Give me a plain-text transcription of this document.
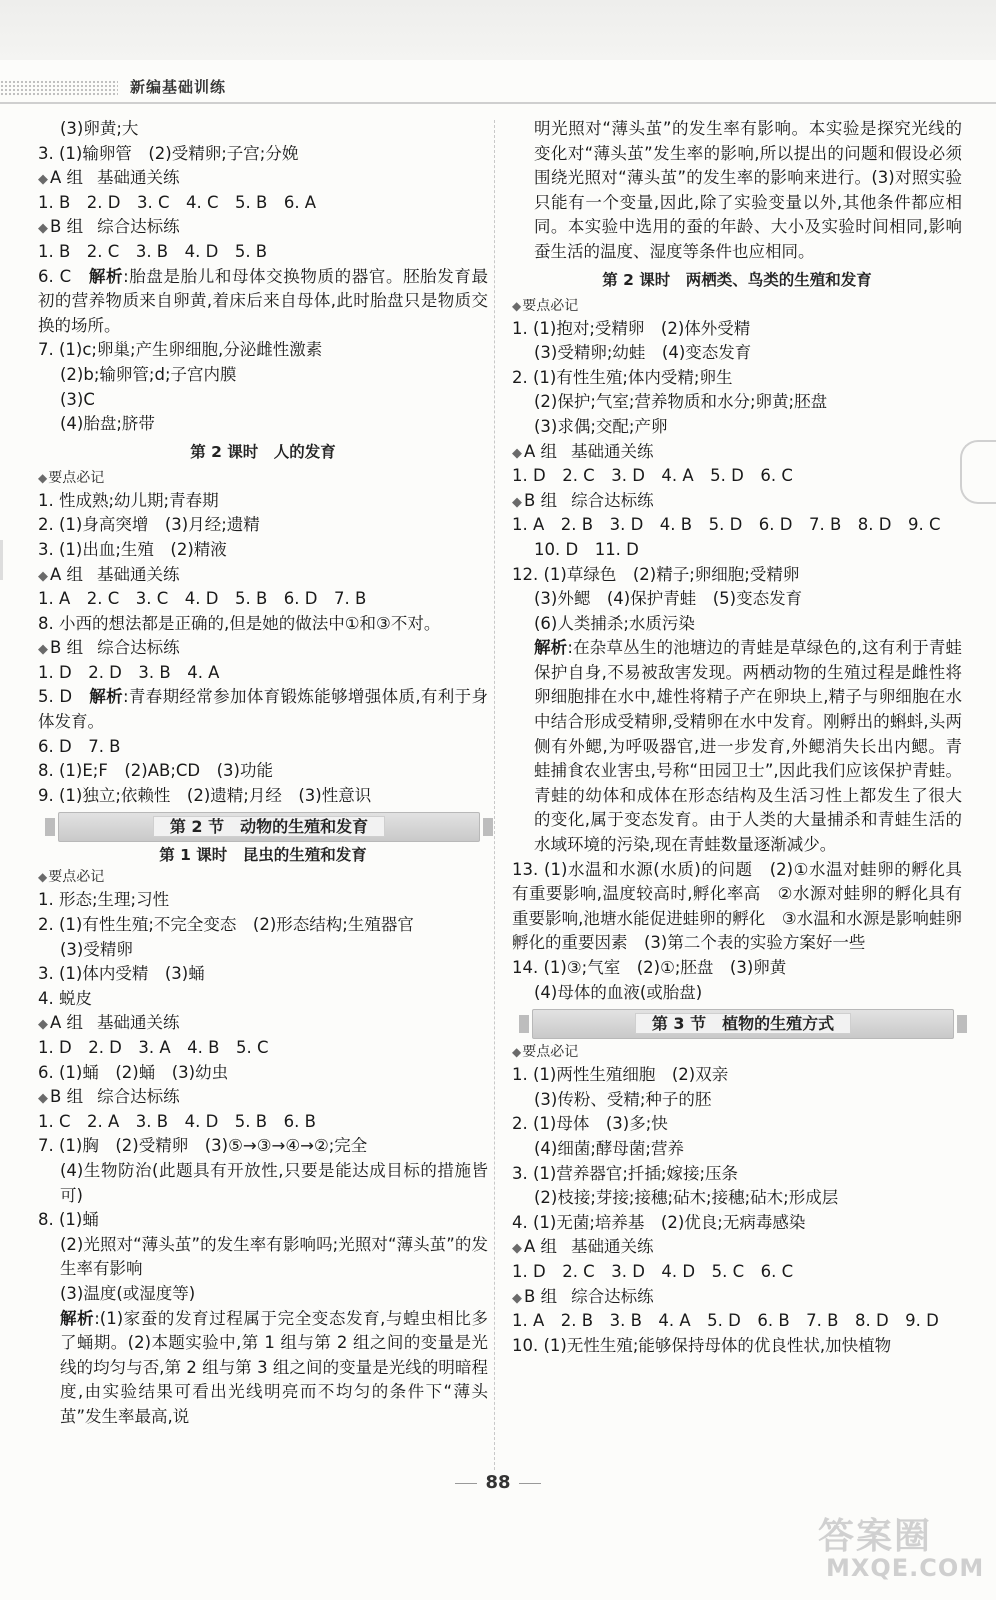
新编基础训练
(3)卵黄;大
3. (1)输卵管　(2)受精卵;子宫;分娩
◆ A 组 基础通关练
1. B　2. D　3. C　4. C　5. B　6. A
◆ B 组 综合达标练
1. B　2. C　3. B　4. D　5. B
6. C　解析:胎盘是胎儿和母体交换物质的器官。胚胎发育最初的营养物质来自卵黄,着床后来自母体,此时胎盘只是物质交换的场所。
7. (1)c;卵巢;产生卵细胞,分泌雌性激素
(2)b;输卵管;d;子宫内膜
(3)C
(4)胎盘;脐带
第 2 课时　人的发育
◆要点必记
1. 性成熟;幼儿期;青春期
2. (1)身高突增　(3)月经;遗精
3. (1)出血;生殖　(2)精液
◆ A 组 基础通关练
1. A　2. C　3. C　4. D　5. B　6. D　7. B
8. 小西的想法都是正确的,但是她的做法中①和③不对。
◆ B 组 综合达标练
1. D　2. D　3. B　4. A
5. D　解析:青春期经常参加体育锻炼能够增强体质,有利于身体发育。
6. D　7. B
8. (1)E;F　(2)AB;CD　(3)功能
9. (1)独立;依赖性　(2)遗精;月经　(3)性意识
第 2 节　动物的生殖和发育
第 1 课时　昆虫的生殖和发育
◆要点必记
1. 形态;生理;习性
2. (1)有性生殖;不完全变态　(2)形态结构;生殖器官
(3)受精卵
3. (1)体内受精　(3)蛹
4. 蜕皮
◆ A 组 基础通关练
1. D　2. D　3. A　4. B　5. C
6. (1)蛹　(2)蛹　(3)幼虫
◆ B 组 综合达标练
1. C　2. A　3. B　4. D　5. B　6. B
7. (1)胸　(2)受精卵　(3)⑤→③→④→②;完全
(4)生物防治(此题具有开放性,只要是能达成目标的措施皆可)
8. (1)蛹
(2)光照对“薄头茧”的发生率有影响吗;光照对“薄头茧”的发生率有影响
(3)温度(或湿度等)
解析:(1)家蚕的发育过程属于完全变态发育,与蝗虫相比多了蛹期。(2)本题实验中,第 1 组与第 2 组之间的变量是光线的均匀与否,第 2 组与第 3 组之间的变量是光线的明暗程度,由实验结果可看出光线明亮而不均匀的条件下“薄头茧”发生率最高,说
明光照对“薄头茧”的发生率有影响。本实验是探究光线的变化对“薄头茧”发生率的影响,所以提出的问题和假设必须围绕光照对“薄头茧”的发生率的影响来进行。(3)对照实验只能有一个变量,因此,除了实验变量以外,其他条件都应相同。本实验中选用的蚕的年龄、大小及实验时间相同,影响蚕生活的温度、湿度等条件也应相同。
第 2 课时　两栖类、鸟类的生殖和发育
◆要点必记
1. (1)抱对;受精卵　(2)体外受精
(3)受精卵;幼蛙　(4)变态发育
2. (1)有性生殖;体内受精;卵生
(2)保护;气室;营养物质和水分;卵黄;胚盘
(3)求偶;交配;产卵
◆ A 组 基础通关练
1. D　2. C　3. D　4. A　5. D　6. C
◆ B 组 综合达标练
1. A　2. B　3. D　4. B　5. D　6. D　7. B　8. D　9. C
10. D　11. D
12. (1)草绿色　(2)精子;卵细胞;受精卵
(3)外鳃　(4)保护青蛙　(5)变态发育
(6)人类捕杀;水质污染
解析:在杂草丛生的池塘边的青蛙是草绿色的,这有利于青蛙保护自身,不易被敌害发现。两栖动物的生殖过程是雌性将卵细胞排在水中,雄性将精子产在卵块上,精子与卵细胞在水中结合形成受精卵,受精卵在水中发育。刚孵出的蝌蚪,头两侧有外鳃,为呼吸器官,进一步发育,外鳃消失长出内鳃。青蛙捕食农业害虫,号称“田园卫士”,因此我们应该保护青蛙。青蛙的幼体和成体在形态结构及生活习性上都发生了很大的变化,属于变态发育。由于人类的大量捕杀和青蛙生活的水域环境的污染,现在青蛙数量逐渐减少。
13. (1)水温和水源(水质)的问题　(2)①水温对蛙卵的孵化具有重要影响,温度较高时,孵化率高　②水源对蛙卵的孵化具有重要影响,池塘水能促进蛙卵的孵化　③水温和水源是影响蛙卵孵化的重要因素　(3)第二个表的实验方案好一些
14. (1)③;气室　(2)①;胚盘　(3)卵黄
(4)母体的血液(或胎盘)
第 3 节　植物的生殖方式
◆要点必记
1. (1)两性生殖细胞　(2)双亲
(3)传粉、受精;种子的胚
2. (1)母体　(3)多;快
(4)细菌;酵母菌;营养
3. (1)营养器官;扦插;嫁接;压条
(2)枝接;芽接;接穗;砧木;接穗;砧木;形成层
4. (1)无菌;培养基　(2)优良;无病毒感染
◆ A 组 基础通关练
1. D　2. C　3. D　4. D　5. C　6. C
◆ B 组 综合达标练
1. A　2. B　3. B　4. A　5. D　6. B　7. B　8. D　9. D
10. (1)无性生殖;能够保持母体的优良性状,加快植物
88
答案圈
MXQE.COM
